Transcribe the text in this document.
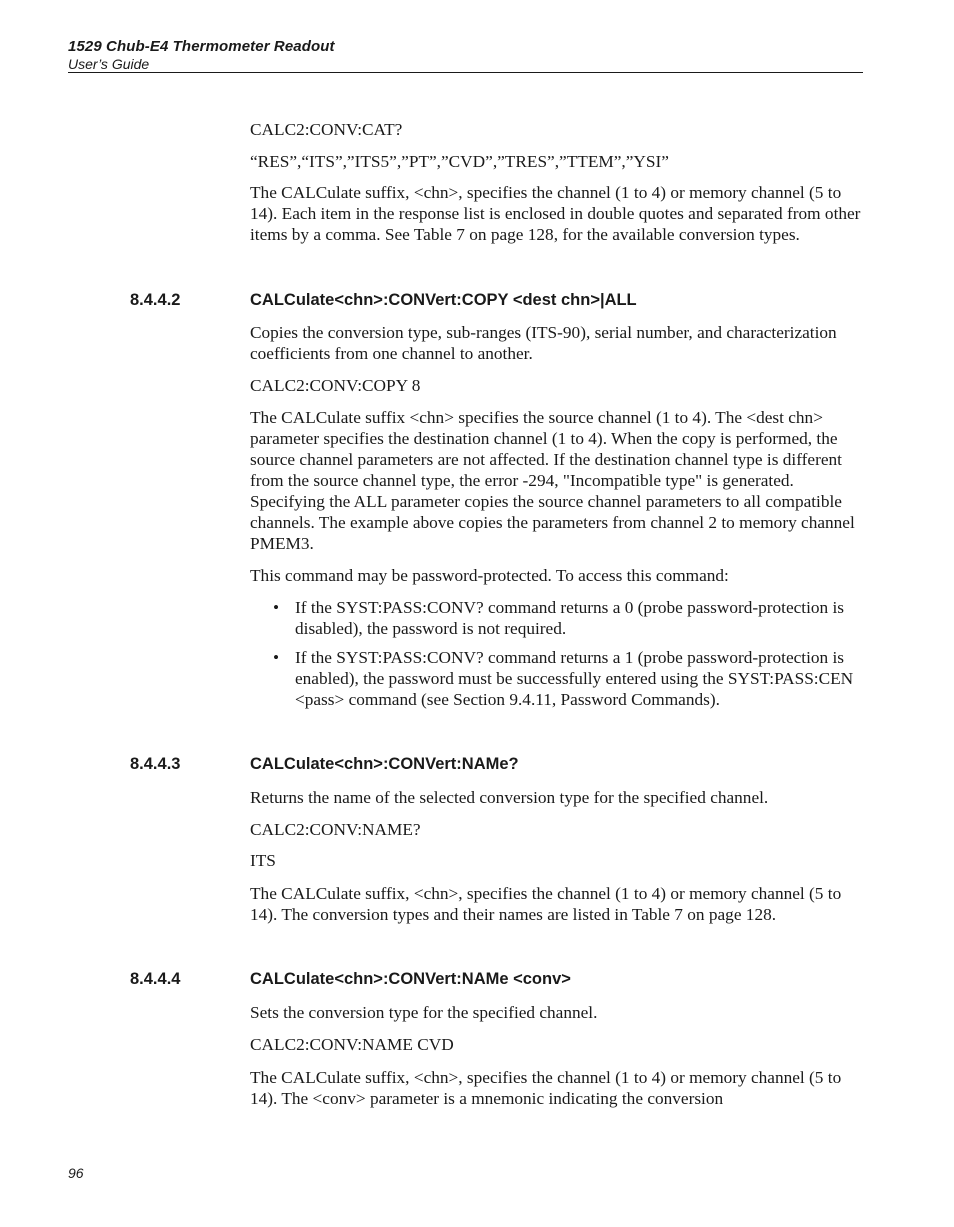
1529 Chub-E4 Thermometer Readout
User’s Guide
CALC2:CONV:CAT?
“RES”,“ITS”,”ITS5”,”PT”,”CVD”,”TRES”,”TTEM”,”YSI”
The CALCulate suffix, <chn>, specifies the channel (1 to 4) or memory channel (5 to 14). Each item in the response list is enclosed in double quotes and separated from other items by a comma. See Table 7 on page 128, for the available conversion types.
8.4.4.2	CALCulate<chn>:CONVert:COPY <dest chn>|ALL
Copies the conversion type, sub-ranges (ITS-90), serial number, and characterization coefficients from one channel to another.
CALC2:CONV:COPY 8
The CALCulate suffix <chn> specifies the source channel (1 to 4). The <dest chn> parameter specifies the destination channel (1 to 4). When the copy is performed, the source channel parameters are not affected. If the destination channel type is different from the source channel type, the error -294, "Incompatible type" is generated. Specifying the ALL parameter copies the source channel parameters to all compatible channels. The example above copies the parameters from channel 2 to memory channel PMEM3.
This command may be password-protected. To access this command:
• If the SYST:PASS:CONV? command returns a 0 (probe password-protection is disabled), the password is not required.
• If the SYST:PASS:CONV? command returns a 1 (probe password-protection is enabled), the password must be successfully entered using the SYST:PASS:CEN <pass> command (see Section 9.4.11, Password Commands).
8.4.4.3	CALCulate<chn>:CONVert:NAMe?
Returns the name of the selected conversion type for the specified channel.
CALC2:CONV:NAME?
ITS
The CALCulate suffix, <chn>, specifies the channel (1 to 4) or memory channel (5 to 14). The conversion types and their names are listed in Table 7 on page 128.
8.4.4.4	CALCulate<chn>:CONVert:NAMe <conv>
Sets the conversion type for the specified channel.
CALC2:CONV:NAME CVD
The CALCulate suffix, <chn>, specifies the channel (1 to 4) or memory channel (5 to 14). The <conv> parameter is a mnemonic indicating the conversion
96
